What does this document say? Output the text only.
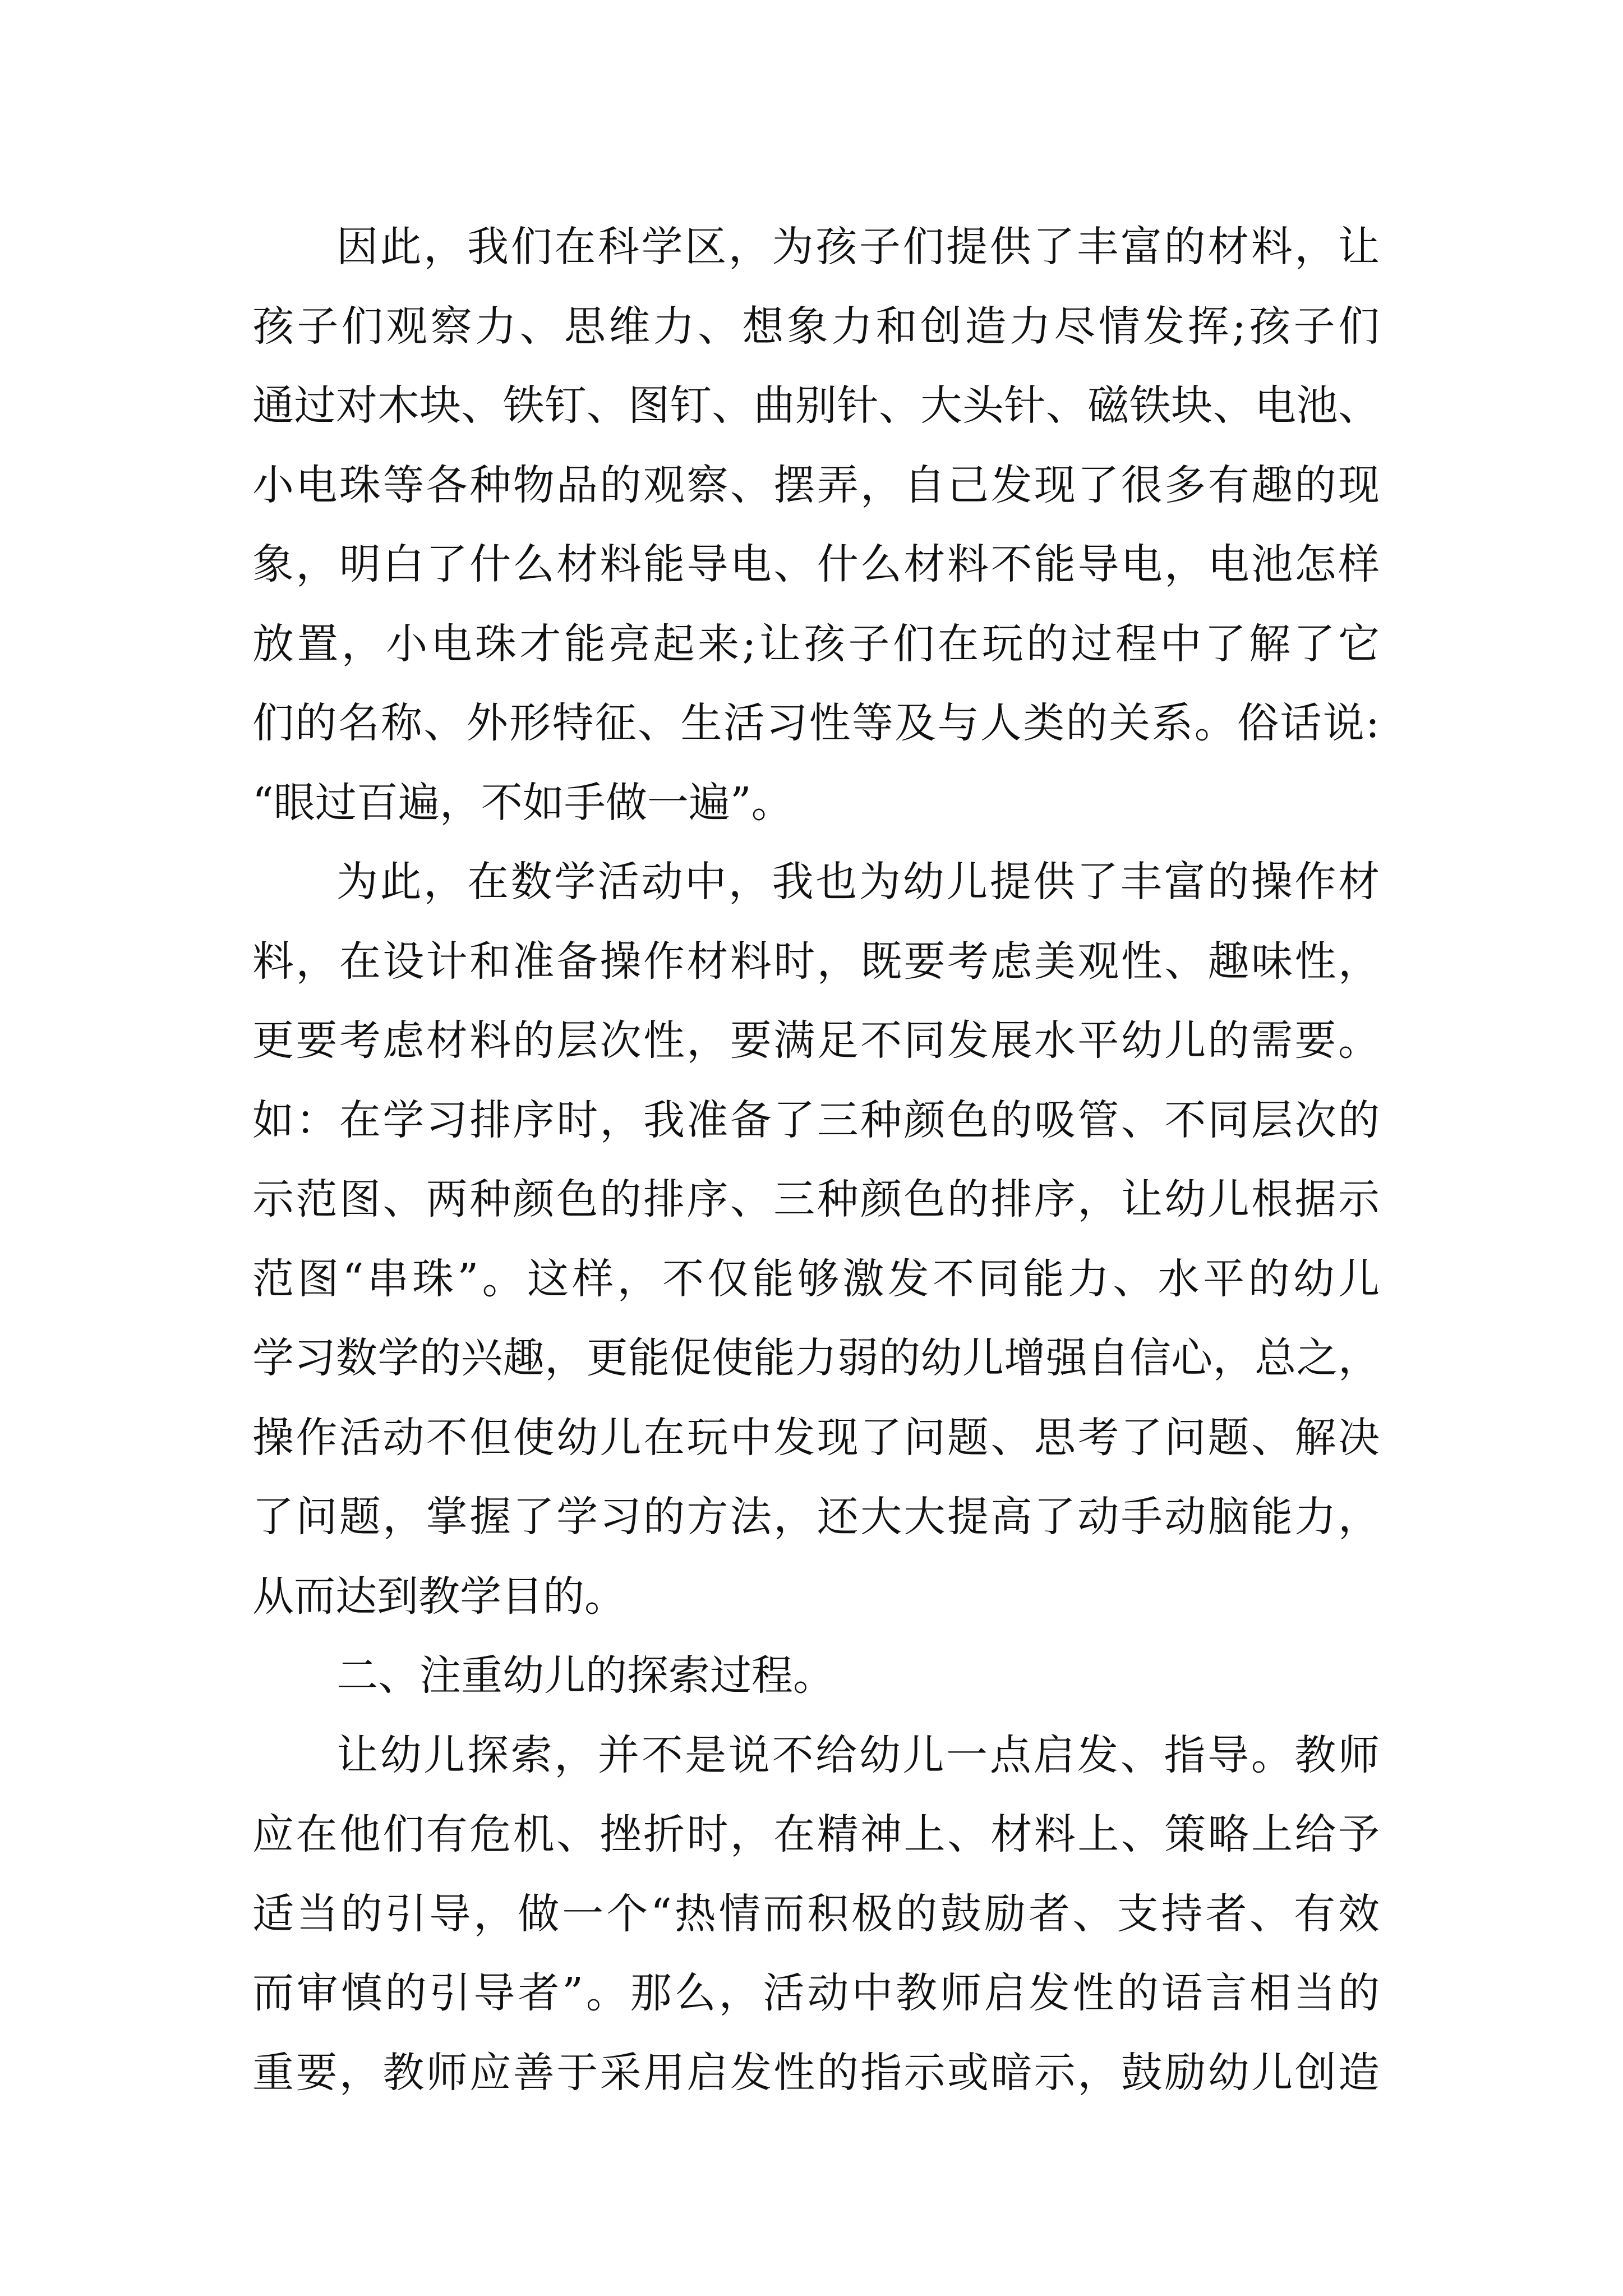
因此，我们在科学区，为孩子们提供了丰富的材料，让
孩子们观察力、思维力、想象力和创造力尽情发挥;孩子们
通过对木块、铁钉、图钉、曲别针、大头针、磁铁块、电池、
小电珠等各种物品的观察、摆弄，自己发现了很多有趣的现
象，明白了什么材料能导电、什么材料不能导电，电池怎样
放置，小电珠才能亮起来;让孩子们在玩的过程中了解了它
们的名称、外形特征、生活习性等及与人类的关系。俗话说:
“眼过百遍，不如手做一遍”。
为此，在数学活动中，我也为幼儿提供了丰富的操作材
料，在设计和准备操作材料时，既要考虑美观性、趣味性，
更要考虑材料的层次性，要满足不同发展水平幼儿的需要。
如：在学习排序时，我准备了三种颜色的吸管、不同层次的
示范图、两种颜色的排序、三种颜色的排序，让幼儿根据示
范图“串珠”。这样，不仅能够激发不同能力、水平的幼儿
学习数学的兴趣，更能促使能力弱的幼儿增强自信心，总之，
操作活动不但使幼儿在玩中发现了问题、思考了问题、解决
了问题，掌握了学习的方法，还大大提高了动手动脑能力，
从而达到教学目的。
二、注重幼儿的探索过程。
让幼儿探索，并不是说不给幼儿一点启发、指导。教师
应在他们有危机、挫折时，在精神上、材料上、策略上给予
适当的引导，做一个“热情而积极的鼓励者、支持者、有效
而审慎的引导者”。那么，活动中教师启发性的语言相当的
重要，教师应善于采用启发性的指示或暗示，鼓励幼儿创造
